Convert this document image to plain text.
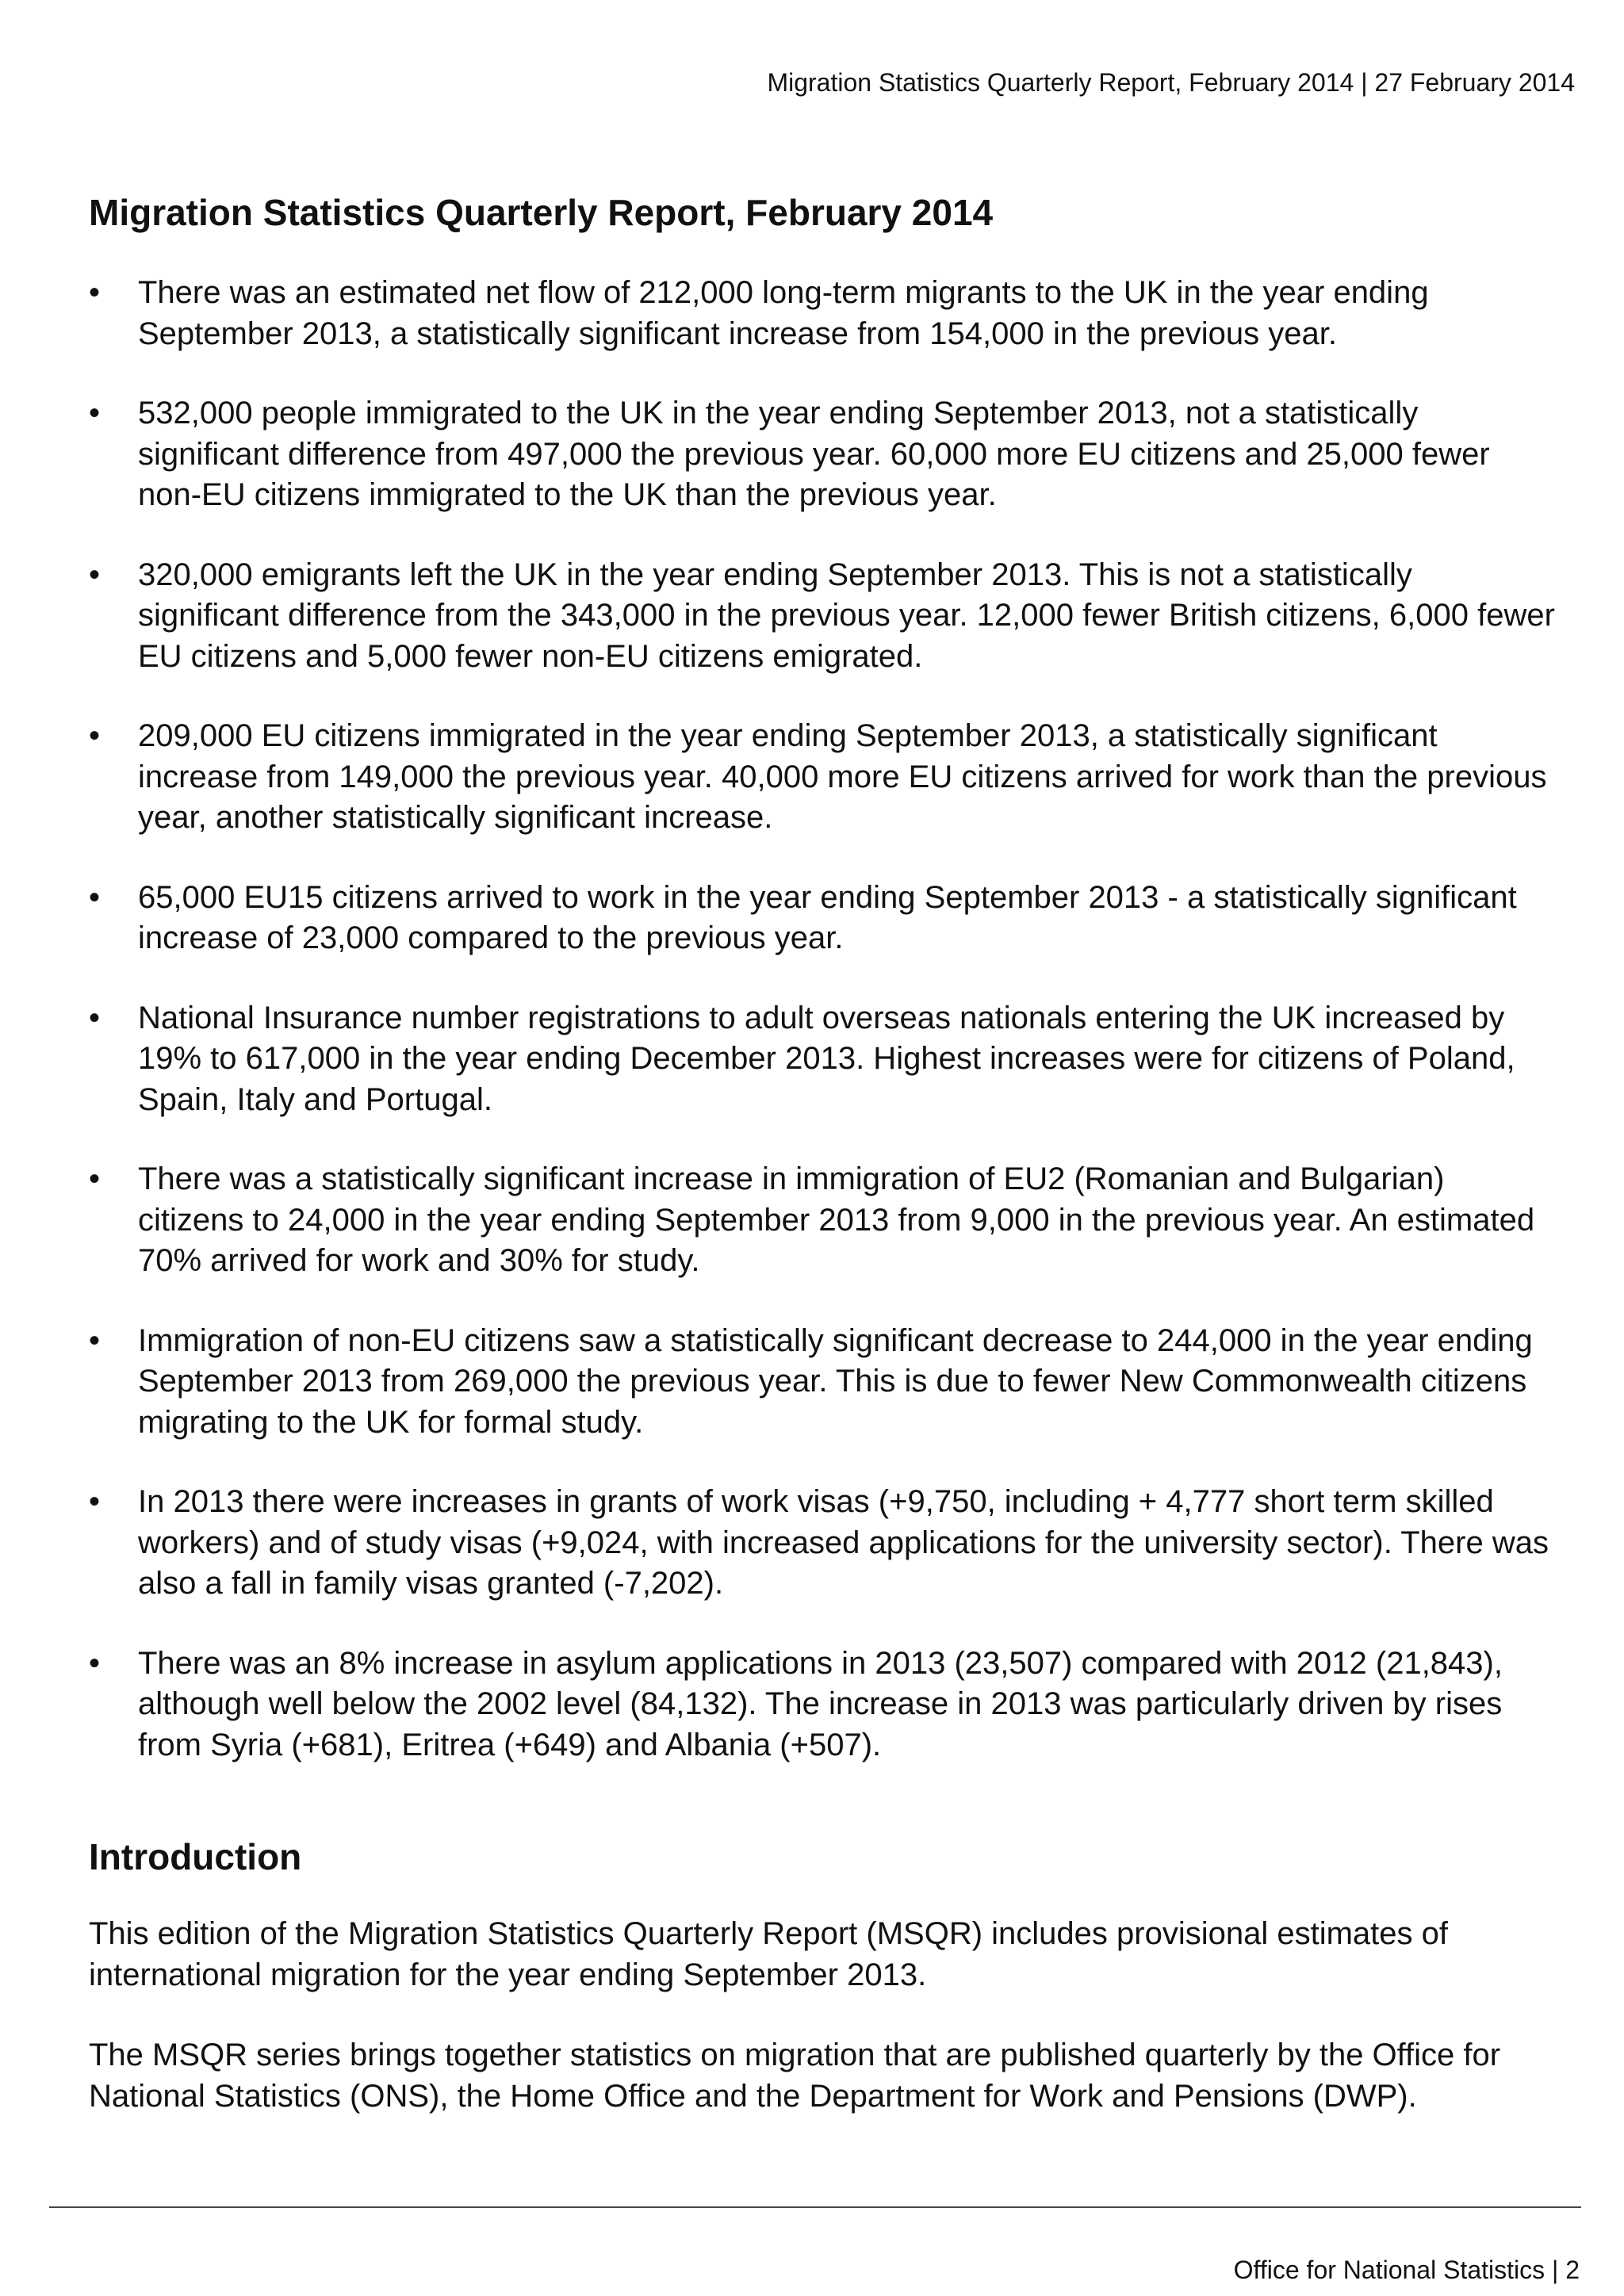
Migration Statistics Quarterly Report, February 2014 | 27 February 2014
Migration Statistics Quarterly Report, February 2014
•	There was an estimated net flow of 212,000 long-term migrants to the UK in the year ending September 2013, a statistically significant increase from 154,000 in the previous year.
•	532,000 people immigrated to the UK in the year ending September 2013, not a statistically significant difference from 497,000 the previous year. 60,000 more EU citizens and 25,000 fewer non-EU citizens immigrated to the UK than the previous year.
•	320,000 emigrants left the UK in the year ending September 2013. This is not a statistically significant difference from the 343,000 in the previous year. 12,000 fewer British citizens, 6,000 fewer EU citizens and 5,000 fewer non-EU citizens emigrated.
•	209,000 EU citizens immigrated in the year ending September 2013, a statistically significant increase from 149,000 the previous year. 40,000 more EU citizens arrived for work than the previous year, another statistically significant increase.
•	65,000 EU15 citizens arrived to work in the year ending September 2013 - a statistically significant increase of 23,000 compared to the previous year.
•	National Insurance number registrations to adult overseas nationals entering the UK increased by 19% to 617,000 in the year ending December 2013. Highest increases were for citizens of Poland, Spain, Italy and Portugal.
•	There was a statistically significant increase in immigration of EU2 (Romanian and Bulgarian) citizens to 24,000 in the year ending September 2013 from 9,000 in the previous year. An estimated 70% arrived for work and 30% for study.
•	Immigration of non-EU citizens saw a statistically significant decrease to 244,000 in the year ending September 2013 from 269,000 the previous year. This is due to fewer New Commonwealth citizens migrating to the UK for formal study.
•	In 2013 there were increases in grants of work visas (+9,750, including + 4,777 short term skilled workers) and of study visas (+9,024, with increased applications for the university sector). There was also a fall in family visas granted (-7,202).
•	There was an 8% increase in asylum applications in 2013 (23,507) compared with 2012 (21,843), although well below the 2002 level (84,132). The increase in 2013 was particularly driven by rises from Syria (+681), Eritrea (+649) and Albania (+507).
Introduction

This edition of the Migration Statistics Quarterly Report (MSQR) includes provisional estimates of international migration for the year ending September 2013.

The MSQR series brings together statistics on migration that are published quarterly by the Office for National Statistics (ONS), the Home Office and the Department for Work and Pensions (DWP).

Office for National Statistics | 2
